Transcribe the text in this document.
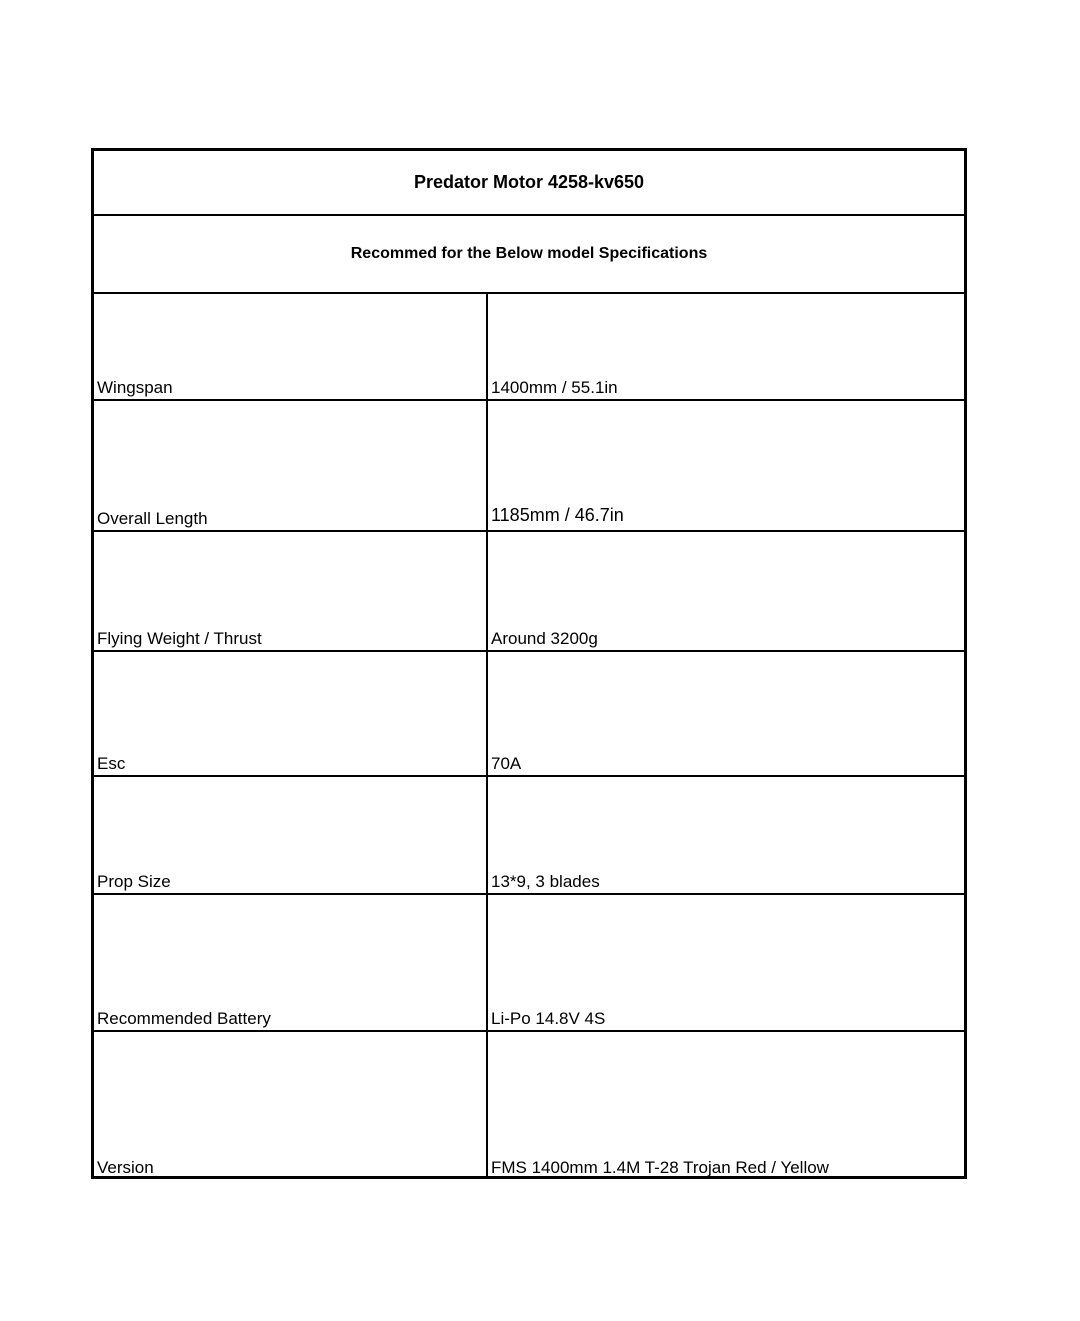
Predator Motor 4258-kv650
Recommed for the Below model Specifications
Wingspan	1400mm / 55.1in
Overall Length	1185mm / 46.7in
Flying Weight / Thrust	Around 3200g
Esc	70A
Prop Size	13*9, 3 blades
Recommended Battery	Li-Po 14.8V 4S
Version	FMS 1400mm 1.4M T-28 Trojan Red / Yellow
